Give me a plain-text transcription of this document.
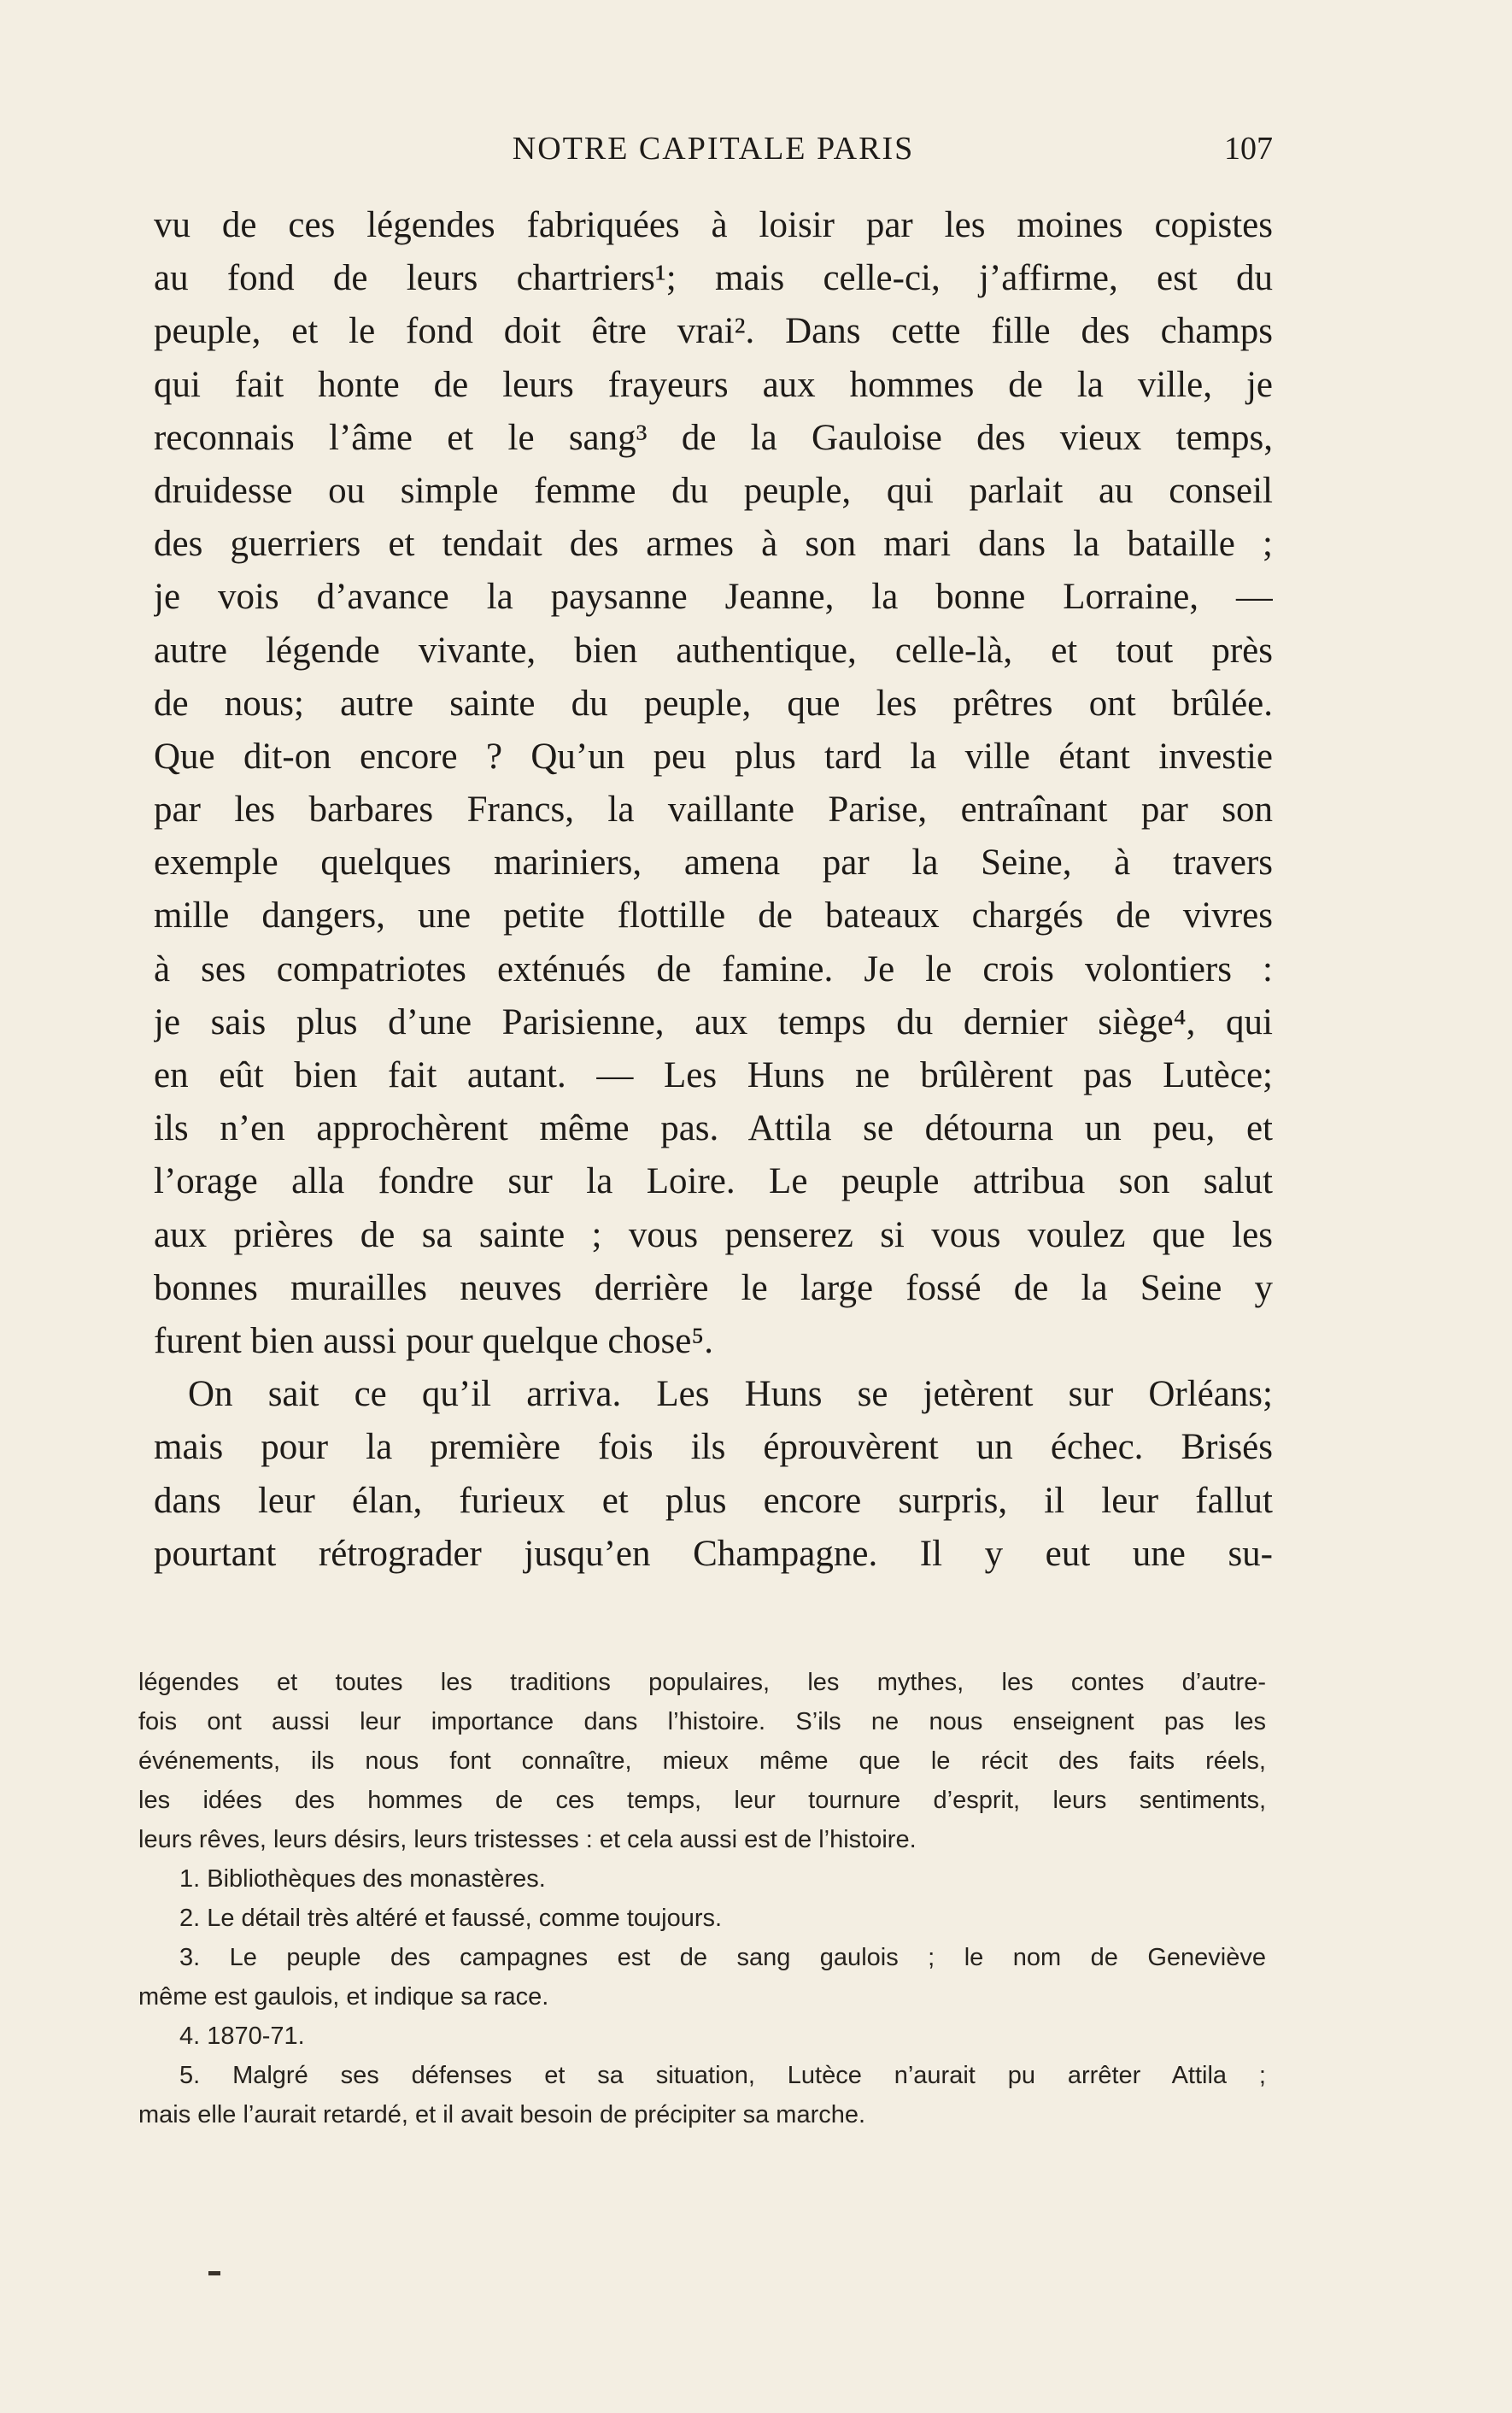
NOTRE CAPITALE PARIS	107
vu de ces légendes fabriquées à loisir par les moines copistes
au fond de leurs chartriers¹; mais celle-ci, j’affirme, est du
peuple, et le fond doit être vrai². Dans cette fille des champs
qui fait honte de leurs frayeurs aux hommes de la ville, je
reconnais l’âme et le sang³ de la Gauloise des vieux temps,
druidesse ou simple femme du peuple, qui parlait au conseil
des guerriers et tendait des armes à son mari dans la bataille ;
je vois d’avance la paysanne Jeanne, la bonne Lorraine, —
autre légende vivante, bien authentique, celle-là, et tout près
de nous; autre sainte du peuple, que les prêtres ont brûlée.
Que dit-on encore ? Qu’un peu plus tard la ville étant investie
par les barbares Francs, la vaillante Parise, entraînant par son
exemple quelques mariniers, amena par la Seine, à travers
mille dangers, une petite flottille de bateaux chargés de vivres
à ses compatriotes exténués de famine. Je le crois volontiers :
je sais plus d’une Parisienne, aux temps du dernier siège⁴, qui
en eût bien fait autant. — Les Huns ne brûlèrent pas Lutèce;
ils n’en approchèrent même pas. Attila se détourna un peu, et
l’orage alla fondre sur la Loire. Le peuple attribua son salut
aux prières de sa sainte ; vous penserez si vous voulez que les
bonnes murailles neuves derrière le large fossé de la Seine y
furent bien aussi pour quelque chose⁵.
On sait ce qu’il arriva. Les Huns se jetèrent sur Orléans;
mais pour la première fois ils éprouvèrent un échec. Brisés
dans leur élan, furieux et plus encore surpris, il leur fallut
pourtant rétrograder jusqu’en Champagne. Il y eut une su-
légendes et toutes les traditions populaires, les mythes, les contes d’autre-
fois ont aussi leur importance dans l’histoire. S’ils ne nous enseignent pas les
événements, ils nous font connaître, mieux même que le récit des faits réels,
les idées des hommes de ces temps, leur tournure d’esprit, leurs sentiments,
leurs rêves, leurs désirs, leurs tristesses : et cela aussi est de l’histoire.
1. Bibliothèques des monastères.
2. Le détail très altéré et faussé, comme toujours.
3. Le peuple des campagnes est de sang gaulois ; le nom de Geneviève
même est gaulois, et indique sa race.
4. 1870-71.
5. Malgré ses défenses et sa situation, Lutèce n’aurait pu arrêter Attila ;
mais elle l’aurait retardé, et il avait besoin de précipiter sa marche.
